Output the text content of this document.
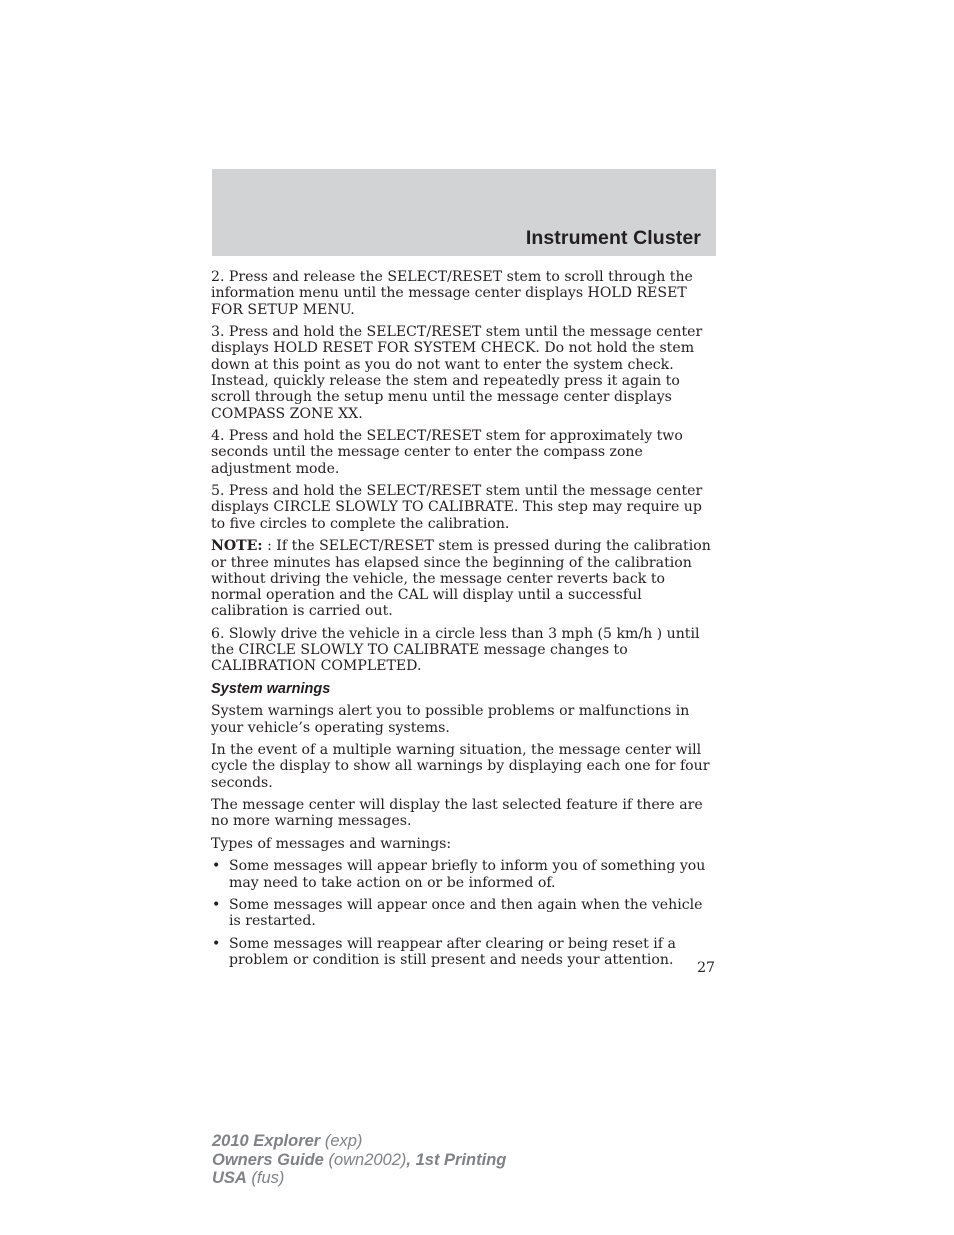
Instrument Cluster

2. Press and release the SELECT/RESET stem to scroll through the information menu until the message center displays HOLD RESET FOR SETUP MENU.

3. Press and hold the SELECT/RESET stem until the message center displays HOLD RESET FOR SYSTEM CHECK. Do not hold the stem down at this point as you do not want to enter the system check. Instead, quickly release the stem and repeatedly press it again to scroll through the setup menu until the message center displays COMPASS ZONE XX.

4. Press and hold the SELECT/RESET stem for approximately two seconds until the message center to enter the compass zone adjustment mode.

5. Press and hold the SELECT/RESET stem until the message center displays CIRCLE SLOWLY TO CALIBRATE. This step may require up to five circles to complete the calibration.

NOTE: : If the SELECT/RESET stem is pressed during the calibration or three minutes has elapsed since the beginning of the calibration without driving the vehicle, the message center reverts back to normal operation and the CAL will display until a successful calibration is carried out.

6. Slowly drive the vehicle in a circle less than 3 mph (5 km/h ) until the CIRCLE SLOWLY TO CALIBRATE message changes to CALIBRATION COMPLETED.

System warnings

System warnings alert you to possible problems or malfunctions in your vehicle’s operating systems.

In the event of a multiple warning situation, the message center will cycle the display to show all warnings by displaying each one for four seconds.

The message center will display the last selected feature if there are no more warning messages.

Types of messages and warnings:

• Some messages will appear briefly to inform you of something you may need to take action on or be informed of.
• Some messages will appear once and then again when the vehicle is restarted.
• Some messages will reappear after clearing or being reset if a problem or condition is still present and needs your attention.	27
2010 Explorer (exp)
Owners Guide (own2002), 1st Printing
USA (fus)
